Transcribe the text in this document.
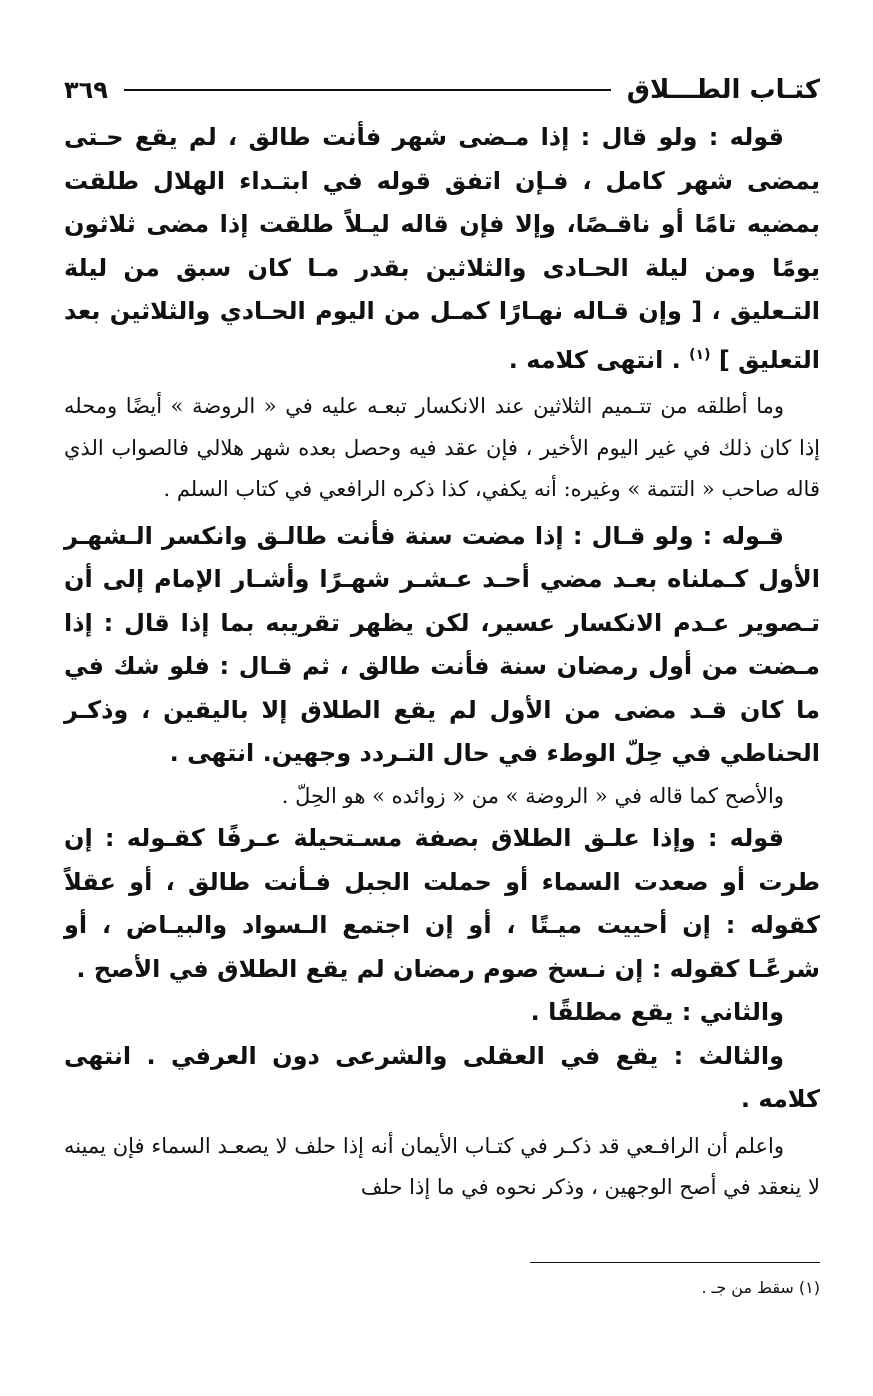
كتـاب الطـــلاق
٣٦٩

قوله : ولو قال : إذا مـضى شهر فأنت طالق ، لم يقع حـتى يمضى شهر كامل ، فـإن اتفق قوله في ابتـداء الهلال طلقت بمضيه تامًا أو ناقـصًا، وإلا فإن قاله ليـلاً طلقت إذا مضى ثلاثون يومًا ومن ليلة الحـادى والثلاثين بقدر مـا كان سبق من ليلة التـعليق ، [ وإن قـاله نهـارًا كمـل من اليوم الحـادي والثلاثين بعد التعليق ] $^{(١)}$ . انتهى كلامه .

وما أطلقه من تتـميم الثلاثين عند الانكسار تبعـه عليه في « الروضة » أيضًا ومحله إذا كان ذلك في غير اليوم الأخير ، فإن عقد فيه وحصل بعده شهر هلالي فالصواب الذي قاله صاحب « التتمة » وغيره: أنه يكفي، كذا ذكره الرافعي في كتاب السلم .

قـوله : ولو قـال : إذا مضت سنة فأنت طالـق وانكسر الـشهـر الأول كـملناه بعـد مضي أحـد عـشـر شهـرًا وأشـار الإمام إلى أن تـصوير عـدم الانكسار عسير، لكن يظهر تقريبه بما إذا قال : إذا مـضت من أول رمضان سنة فأنت طالق ، ثم قـال : فلو شك في ما كان قـد مضى من الأول لم يقع الطلاق إلا باليقين ، وذكـر الحناطي في حِلّ الوطء في حال التـردد وجهين. انتهى .

والأصح كما قاله في « الروضة » من « زوائده » هو الحِلّ .

قوله : وإذا علـق الطلاق بصفة مسـتحيلة عـرفًا كقـوله : إن طرت أو صعدت السماء أو حملت الجبل فـأنت طالق ، أو عقلاً كقوله : إن أحييت ميـتًا ، أو إن اجتمع الـسواد والبيـاض ، أو شرعًـا كقوله : إن نـسخ صوم رمضان لم يقع الطلاق في الأصح .

والثاني : يقع مطلقًا .

والثالث : يقع في العقلى والشرعى دون العرفي . انتهى كلامه .

واعلم أن الرافـعي قد ذكـر في كتـاب الأيمان أنه إذا حلف لا يصعـد السماء فإن يمينه لا ينعقد في أصح الوجهين ، وذكر نحوه في ما إذا حلف

(١) سقط من جـ .
